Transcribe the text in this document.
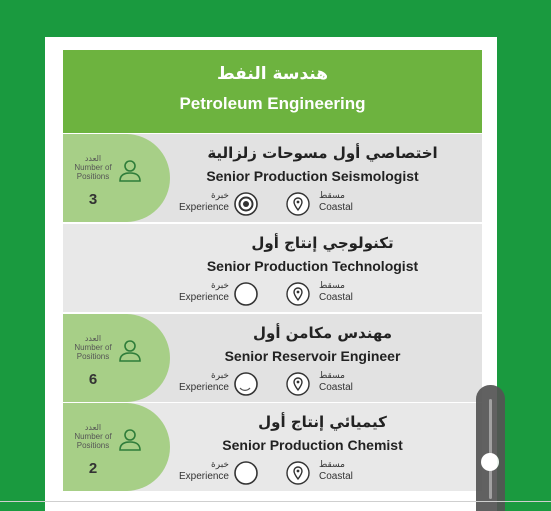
هندسة النفط
Petroleum Engineering
العدد
Number of Positions
3
اختصاصي أول مسوحات زلزالية
Senior Production Seismologist
خبرة
Experience
مسقط
Coastal
تكنولوجي إنتاج أول
Senior Production Technologist
خبرة
Experience
مسقط
Coastal
العدد
Number of Positions
6
مهندس مكامن أول
Senior Reservoir Engineer
خبرة
Experience
مسقط
Coastal
العدد
Number of Positions
2
كيميائي إنتاج أول
Senior Production Chemist
خبرة
Experience
مسقط
Coastal
